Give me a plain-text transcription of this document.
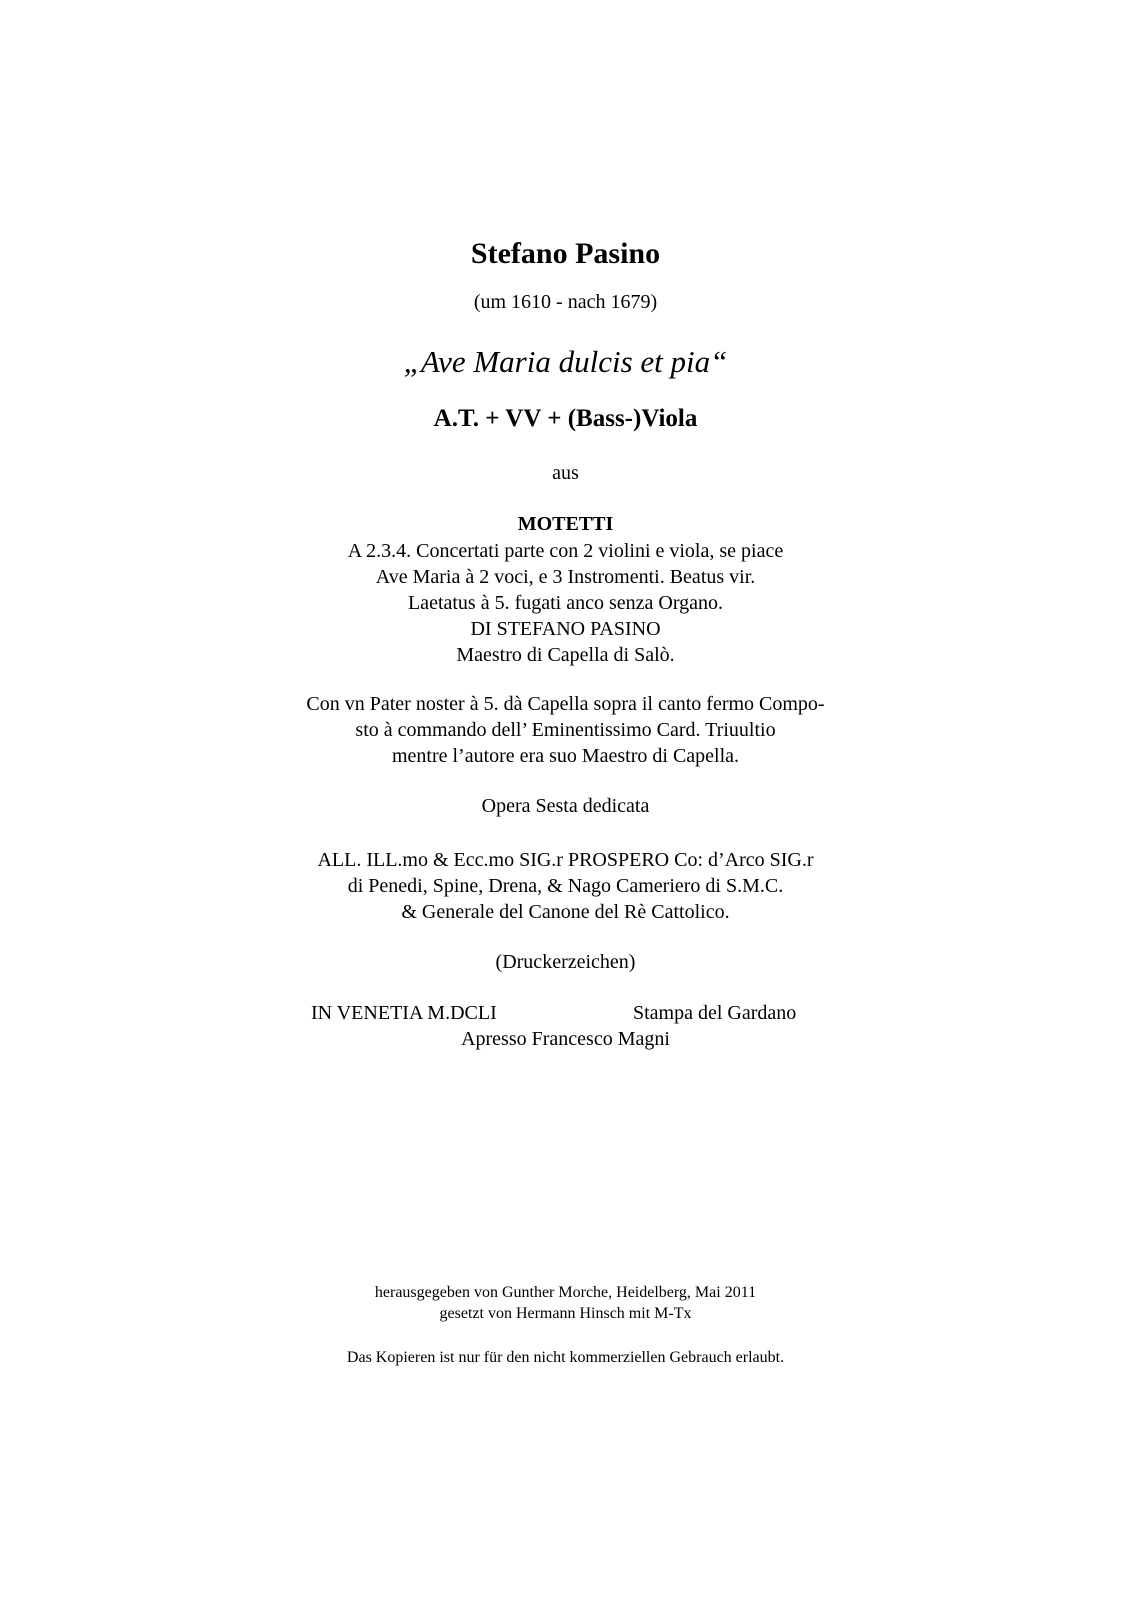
Stefano Pasino
(um 1610 - nach 1679)
„Ave Maria dulcis et pia“
A.T. + VV + (Bass-)Viola
aus
MOTETTI
A 2.3.4. Concertati parte con 2 violini e viola, se piace
Ave Maria à 2 voci, e 3 Instromenti. Beatus vir.
Laetatus à 5. fugati anco senza Organo.
DI STEFANO PASINO
Maestro di Capella di Salò.
Con vn Pater noster à 5. dà Capella sopra il canto fermo Compo-
sto à commando dell’ Eminentissimo Card. Triuultio
mentre l’autore era suo Maestro di Capella.
Opera Sesta dedicata
ALL. ILL.mo & Ecc.mo SIG.r PROSPERO Co: d’Arco SIG.r
di Penedi, Spine, Drena, & Nago Cameriero di S.M.C.
& Generale del Canone del Rè Cattolico.
(Druckerzeichen)
IN VENETIA M.DCLI	Stampa del Gardano
Apresso Francesco Magni
herausgegeben von Gunther Morche, Heidelberg, Mai 2011
gesetzt von Hermann Hinsch mit M-Tx
Das Kopieren ist nur für den nicht kommerziellen Gebrauch erlaubt.
